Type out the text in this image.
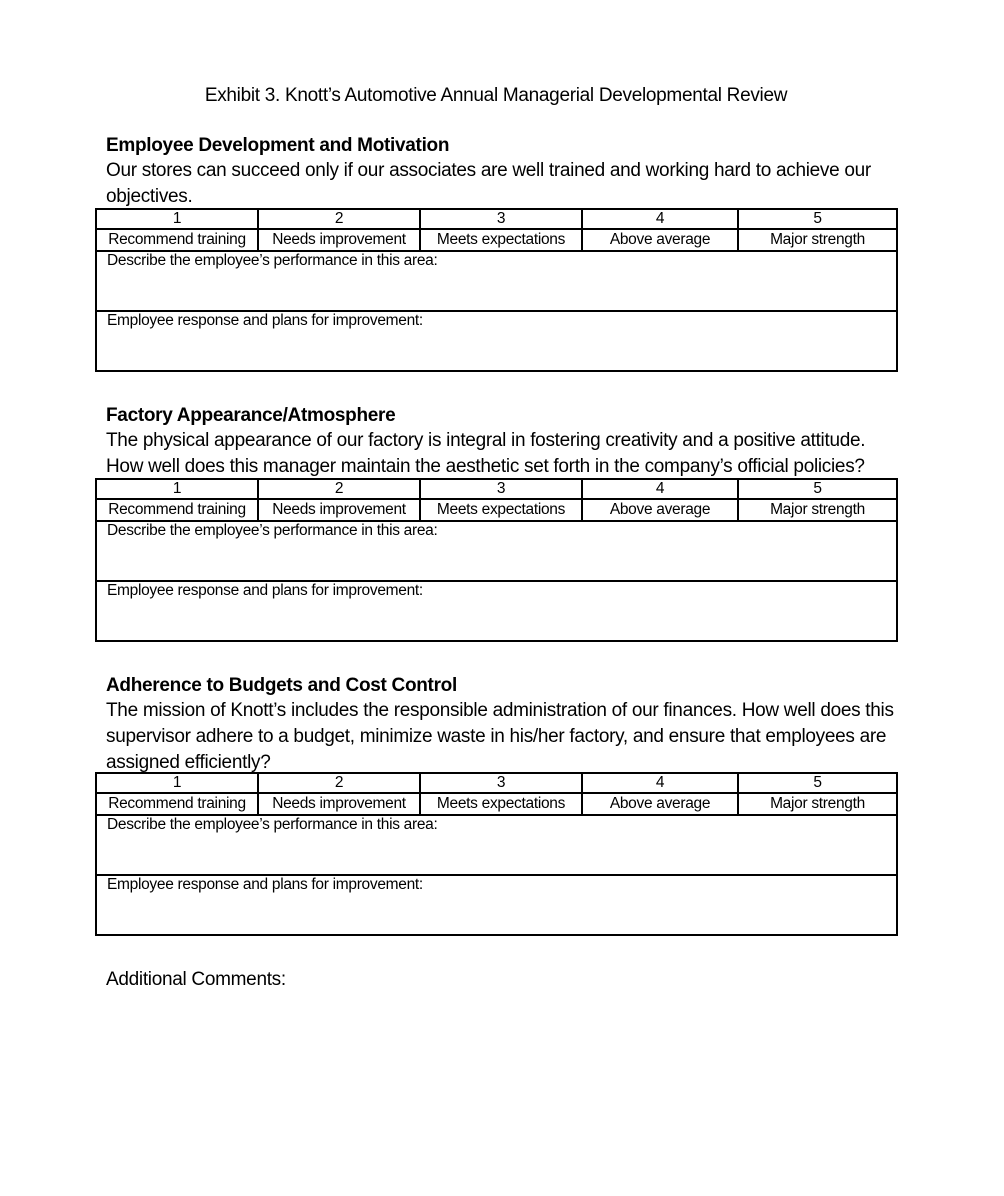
Exhibit 3. Knott’s Automotive Annual Managerial Developmental Review
Employee Development and Motivation
Our stores can succeed only if our associates are well trained and working hard to achieve our objectives.
1	2	3	4	5
Recommend training	Needs improvement	Meets expectations	Above average	Major strength
Describe the employee’s performance in this area:				
Employee response and plans for improvement:				
Factory Appearance/Atmosphere
The physical appearance of our factory is integral in fostering creativity and a positive attitude. How well does this manager maintain the aesthetic set forth in the company’s official policies?
1	2	3	4	5
Recommend training	Needs improvement	Meets expectations	Above average	Major strength
Describe the employee’s performance in this area:				
Employee response and plans for improvement:				
Adherence to Budgets and Cost Control
The mission of Knott’s includes the responsible administration of our finances. How well does this supervisor adhere to a budget, minimize waste in his/her factory, and ensure that employees are assigned efficiently?
1	2	3	4	5
Recommend training	Needs improvement	Meets expectations	Above average	Major strength
Describe the employee’s performance in this area:				
Employee response and plans for improvement:				
Additional Comments:
